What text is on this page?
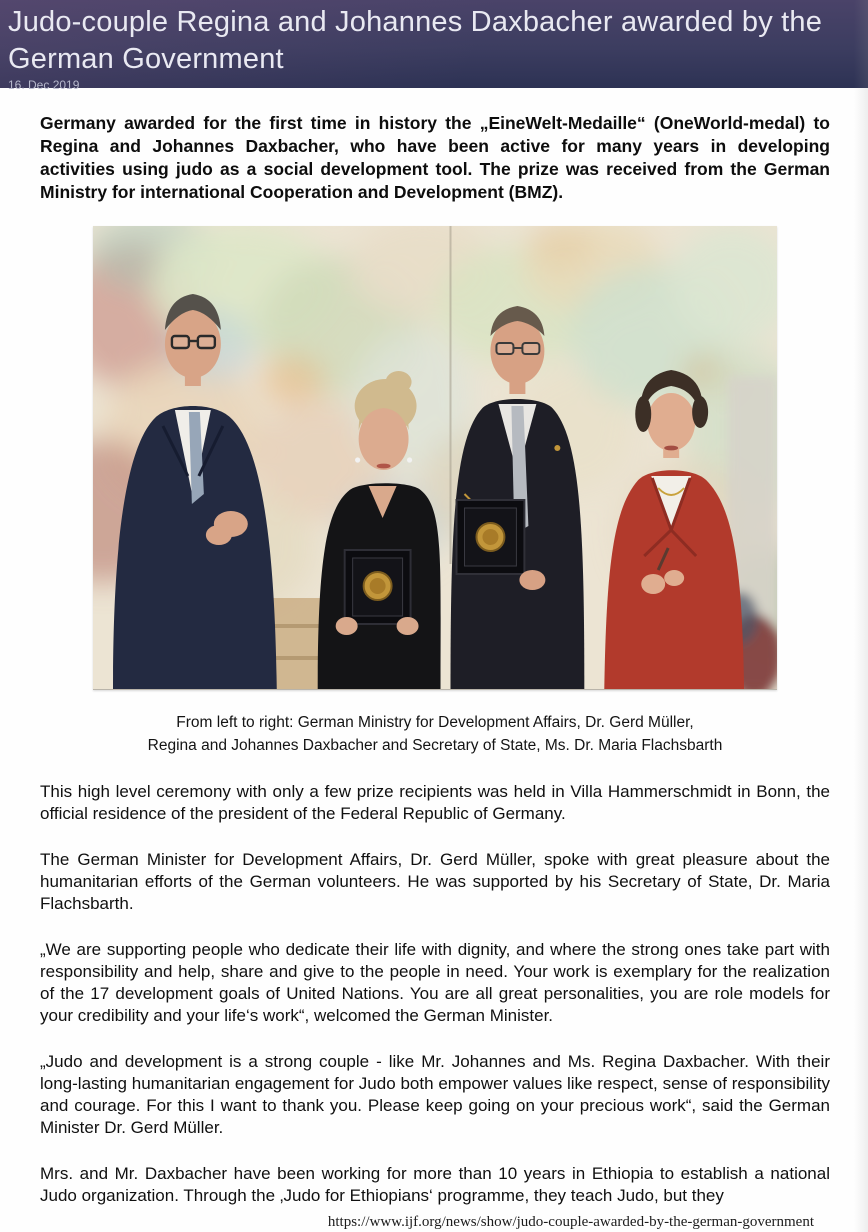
Judo-couple Regina and Johannes Daxbacher awarded by the German Government
16. Dec 2019

Germany awarded for the first time in history the „EineWelt-Medaille“ (OneWorld-medal) to Regina and Johannes Daxbacher, who have been active for many years in developing activities using judo as a social development tool. The prize was received from the German Ministry for international Cooperation and Development (BMZ).

From left to right: German Ministry for Development Affairs, Dr. Gerd Müller,
Regina and Johannes Daxbacher and Secretary of State, Ms. Dr. Maria Flachsbarth

This high level ceremony with only a few prize recipients was held in Villa Hammerschmidt in Bonn, the official residence of the president of the Federal Republic of Germany.

The German Minister for Development Affairs, Dr. Gerd Müller, spoke with great pleasure about the humanitarian efforts of the German volunteers. He was supported by his Secretary of State, Dr. Maria Flachsbarth.

„We are supporting people who dedicate their life with dignity, and where the strong ones take part with responsibility and help, share and give to the people in need. Your work is exemplary for the realization of the 17 development goals of United Nations. You are all great personalities, you are role models for your credibility and your life‘s work“, welcomed the German Minister.

„Judo and development is a strong couple - like Mr. Johannes and Ms. Regina Daxbacher. With their long-lasting humanitarian engagement for Judo both empower values like respect, sense of responsibility and courage. For this I want to thank you. Please keep going on your precious work“, said the German Minister Dr. Gerd Müller.

Mrs. and Mr. Daxbacher have been working for more than 10 years in Ethiopia to establish a national Judo organization. Through the ‚Judo for Ethiopians‘ programme, they teach Judo, but they

https://www.ijf.org/news/show/judo-couple-awarded-by-the-german-government
